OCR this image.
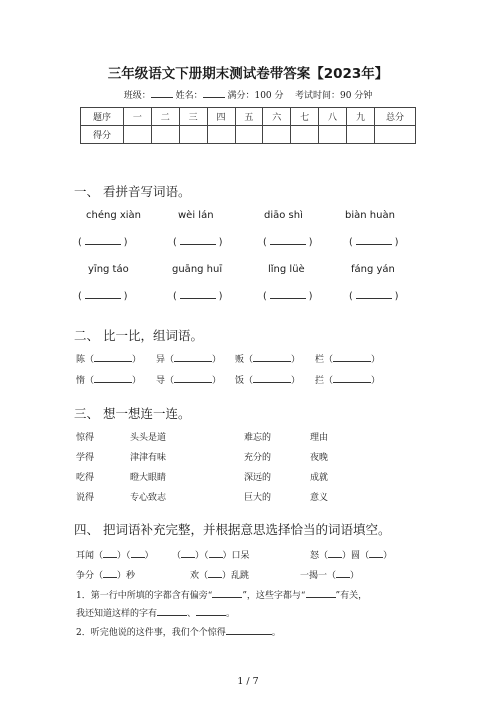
三年级语文下册期末测试卷带答案【2023年】
班级：	姓名：	满分：100 分 考试时间：90 分钟
题序	一	二	三	四	五	六	七	八	九	总分
得分										
一、 看拼音写词语。
chéng xiàn	wèi lán	diāo shì	biàn huàn
(	)	(	)	(	)	(	)
yīng táo	guāng huī	lǐng lüè	fáng yán
(	)	(	)	(	)	(	)
二、 比一比，组词语。
陈（	） 异（	） 贩（	） 栏（	）
惰（	） 导（	） 饭（	） 拦（	）
三、 想一想连一连。
惊得	头头是道	难忘的	理由
学得	津津有味	充分的	夜晚
吃得	瞪大眼睛	深远的	成就
说得	专心致志	巨大的	意义
四、 把词语补充完整，并根据意思选择恰当的词语填空。
耳闻（ ）（ ） （ ）（ ）口呆	怒（ ）圆（ ）
争分（ ）秒	欢（ ）乱跳	一揭一（ ）
1．第一行中所填的字都含有偏旁“	”，这些字都与“	”有关，
我还知道这样的字有	、	。
2．听完他说的这件事，我们个个惊得	。
1 / 7
